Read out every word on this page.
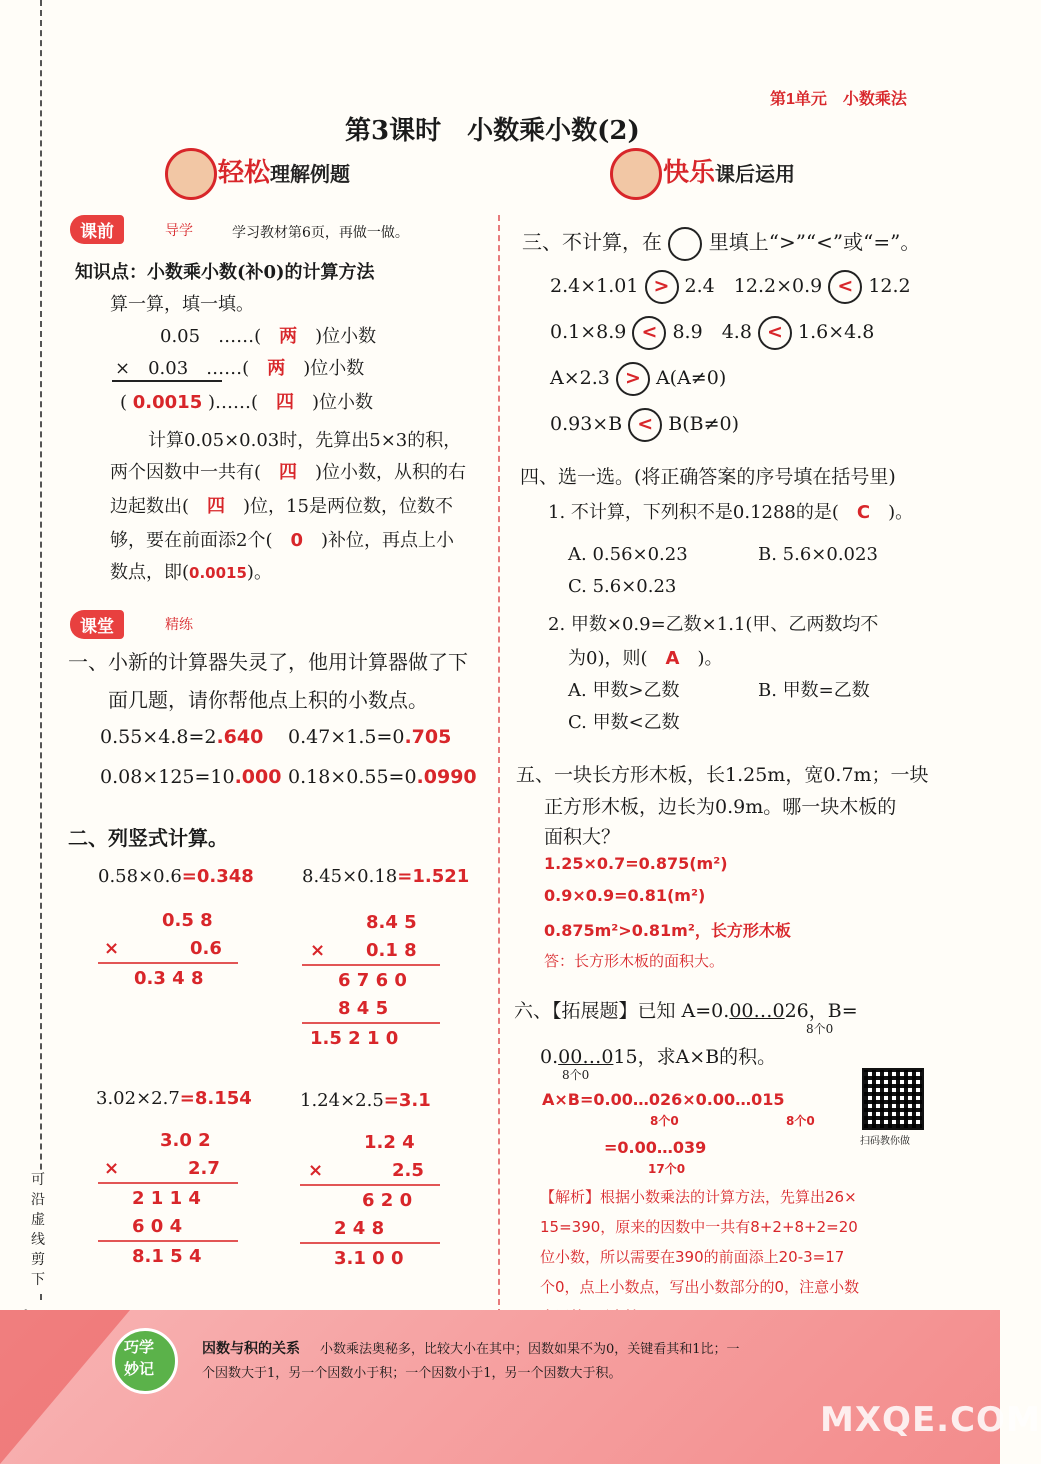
第1单元　 小数乘法
第3课时　小数乘小数(2)
轻松理解例题	快乐课后运用
课前	导学	学习教材第6页，再做一做。
知识点：小数乘小数(补0)的计算方法
算一算，填一填。
0.05　 ……(　 两　 )位小数
×　0.03　 ……(　 两　 )位小数
( 0.0015 )……(　 四　 )位小数
计算0.05×0.03时，先算出5×3的积，
两个因数中一共有(　 四　 )位小数，从积的右
边起数出(　 四　 )位，15是两位数，位数不
够，要在前面添2个(　 0　 )补位，再点上小
数点，即(0.0015)。
课堂	精练
一、小新的计算器失灵了，他用计算器做了下
面几题，请你帮他点上积的小数点。
0.55×4.8=2.640 0.47×1.5=0.705
0.08×125=10.000 0.18×0.55=0.0990
二、列竖式计算。
0.58×0.6=0.348
0.5 8
×	0.6
0.3 4 8
8.45×0.18=1.521
8.4 5
× 0.1 8
6 7 6 0
8 4 5
1.5 2 1 0
3.02×2.7=8.154
3.0 2
×	2.7
2 1 1 4
6 0 4
8.1 5 4
1.24×2.5=3.1
1.2 4
×	2.5
6 2 0
2 4 8
3.1 0 0
三、不计算，在 里填上“>”“<”或“=”。
2.4×1.01 > 2.4　 12.2×0.9 < 12.2
0.1×8.9 < 8.9　 4.8 < 1.6×4.8
A×2.3 > A(A≠0)
0.93×B < B(B≠0)
四、选一选。(将正确答案的序号填在括号里)
1. 不计算，下列积不是0.1288的是(　 C　 )。
A. 0.56×0.23	B. 5.6×0.023
C. 5.6×0.23
2. 甲数×0.9=乙数×1.1(甲、乙两数均不
为0)，则(　 A　 )。
A. 甲数>乙数	B. 甲数=乙数
C. 甲数<乙数
五、一块长方形木板，长1.25m，宽0.7m；一块
正方形木板，边长为0.9m。哪一块木板的
面积大？
1.25×0.7=0.875(m²)
0.9×0.9=0.81(m²)
0.875m²>0.81m²，长方形木板
答：长方形木板的面积大。
六、【拓展题】已知 A=0.00…026，B=
8个0
0.00…015，求A×B的积。
8个0
A×B=0.00…026×0.00…015
8个0	8个0
=0.00…039
17个0
扫码教你做
【解析】根据小数乘法的计算方法，先算出26×
15=390，原来的因数中一共有8+2+8+2=20
位小数，所以需要在390的前面添上20-3=17
个0，点上小数点，写出小数部分的0，注意小数
可沿虚线剪下
巧学
妙记
因数与积的关系 小数乘法奥秘多，比较大小在其中；因数如果不为0，关键看其和1比；一
个因数大于1，另一个因数小于积；一个因数小于1，另一个因数大于积。
MXQE.COM
